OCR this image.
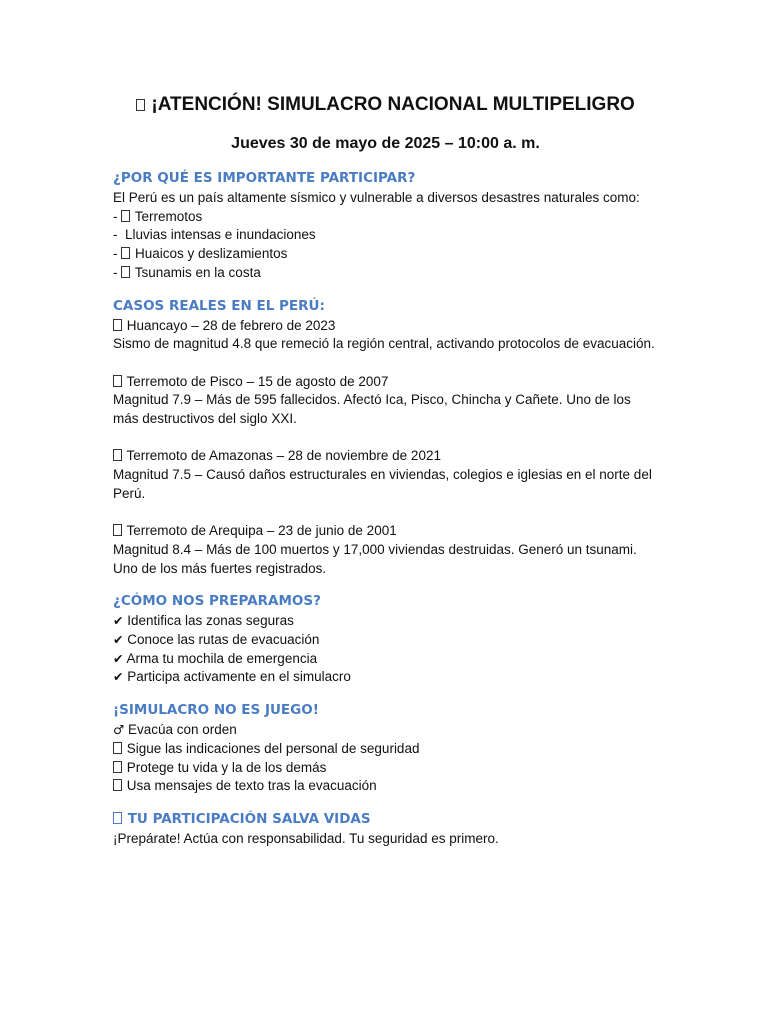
¡ATENCIÓN! SIMULACRO NACIONAL MULTIPELIGRO
Jueves 30 de mayo de 2025 – 10:00 a. m.
¿POR QUÉ ES IMPORTANTE PARTICIPAR?
El Perú es un país altamente sísmico y vulnerable a diversos desastres naturales como:
-  Terremotos
-  Lluvias intensas e inundaciones
-  Huaicos y deslizamientos
-  Tsunamis en la costa
CASOS REALES EN EL PERÚ:
Huancayo – 28 de febrero de 2023
Sismo de magnitud 4.8 que remeció la región central, activando protocolos de evacuación.
Terremoto de Pisco – 15 de agosto de 2007
Magnitud 7.9 – Más de 595 fallecidos. Afectó Ica, Pisco, Chincha y Cañete. Uno de los más destructivos del siglo XXI.
Terremoto de Amazonas – 28 de noviembre de 2021
Magnitud 7.5 – Causó daños estructurales en viviendas, colegios e iglesias en el norte del Perú.
Terremoto de Arequipa – 23 de junio de 2001
Magnitud 8.4 – Más de 100 muertos y 17,000 viviendas destruidas. Generó un tsunami. Uno de los más fuertes registrados.
¿CÓMO NOS PREPARAMOS?
✔ Identifica las zonas seguras
✔ Conoce las rutas de evacuación
✔ Arma tu mochila de emergencia
✔ Participa activamente en el simulacro
¡SIMULACRO NO ES JUEGO!
♂ Evacúa con orden
Sigue las indicaciones del personal de seguridad
Protege tu vida y la de los demás
Usa mensajes de texto tras la evacuación
TU PARTICIPACIÓN SALVA VIDAS
¡Prepárate! Actúa con responsabilidad. Tu seguridad es primero.
